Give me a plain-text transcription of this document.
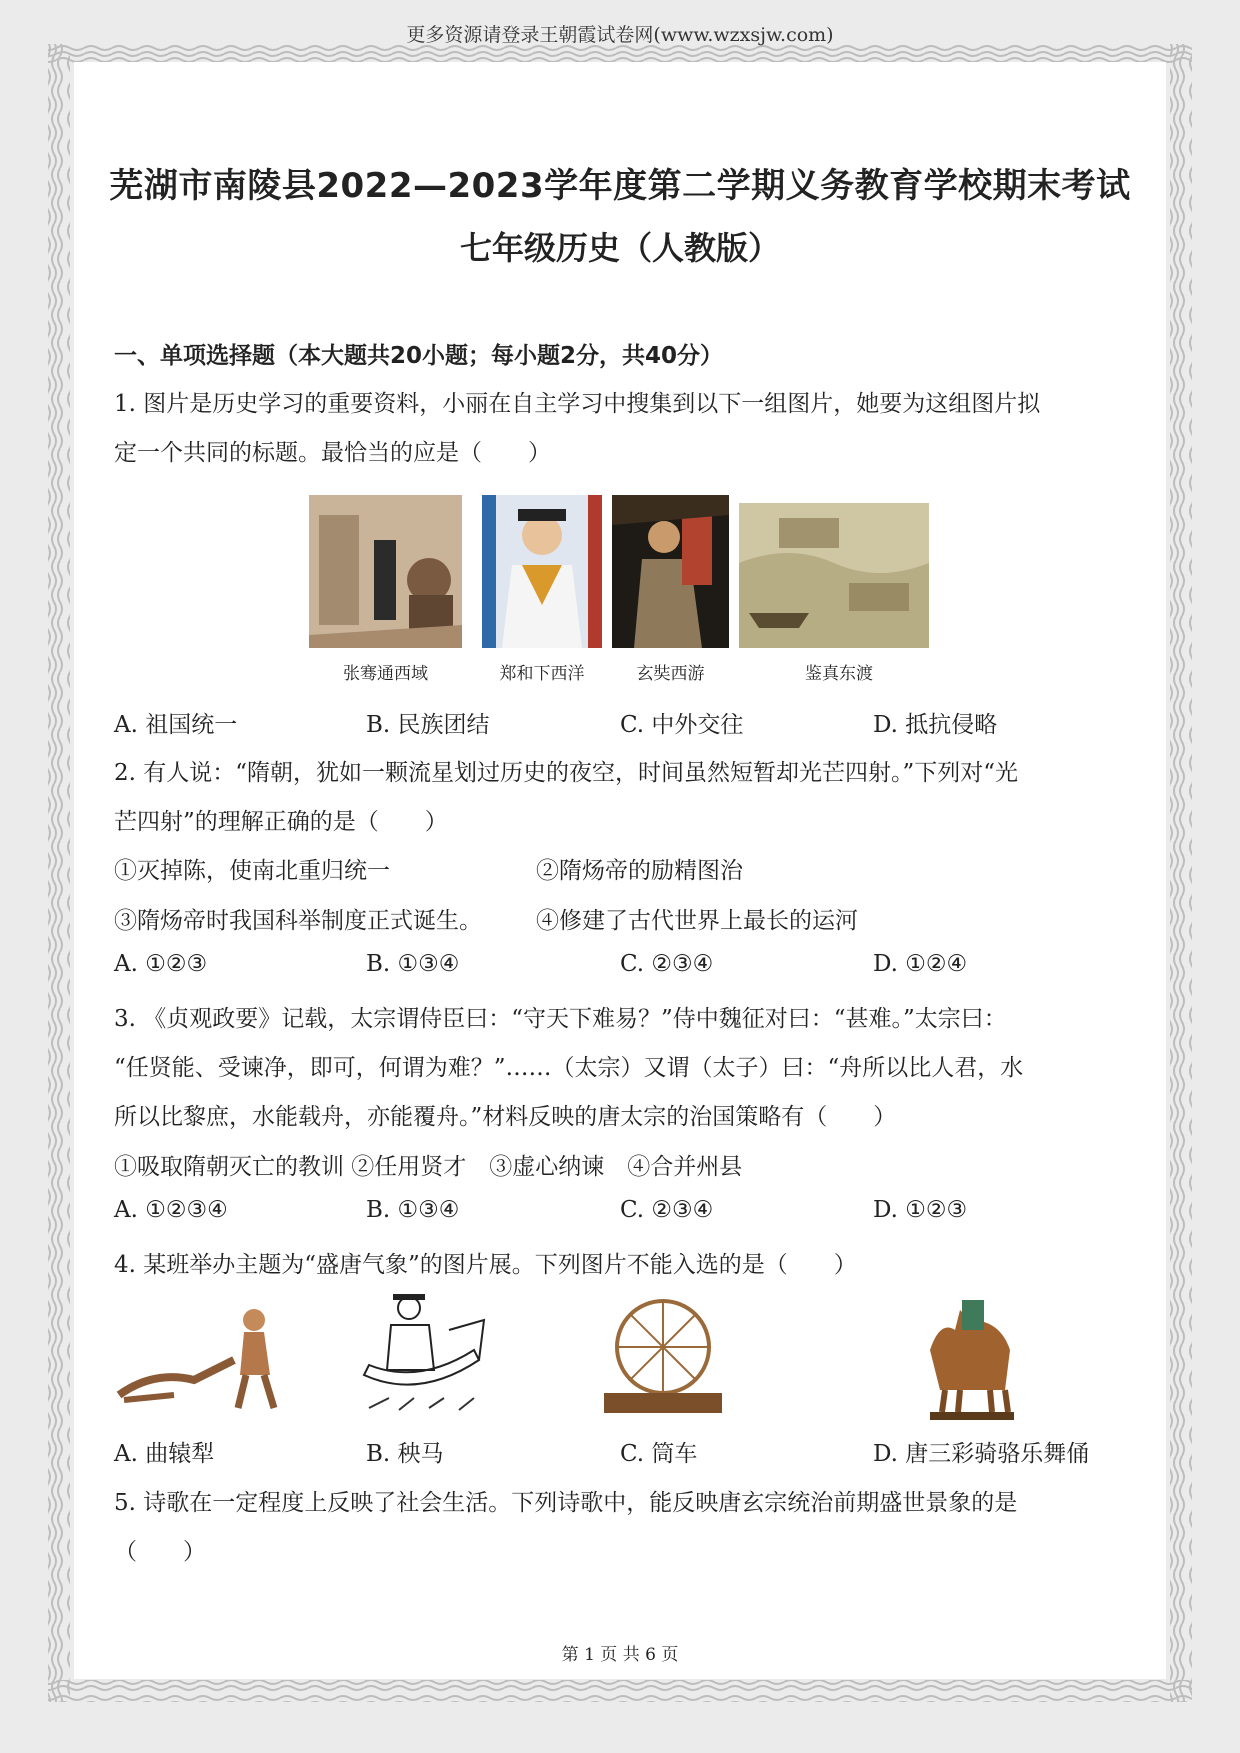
更多资源请登录王朝霞试卷网(www.wzxsjw.com)
芜湖市南陵县2022—2023学年度第二学期义务教育学校期末考试
七年级历史（人教版）
一、单项选择题（本大题共20小题；每小题2分，共40分）
1. 图片是历史学习的重要资料，小丽在自主学习中搜集到以下一组图片，她要为这组图片拟
定一个共同的标题。最恰当的应是（　　）
张骞通西域	郑和下西洋	玄奘西游	鉴真东渡
A. 祖国统一	B. 民族团结	C. 中外交往	D. 抵抗侵略
2. 有人说：“隋朝，犹如一颗流星划过历史的夜空，时间虽然短暂却光芒四射。”下列对“光
芒四射”的理解正确的是（　　）
①灭掉陈，使南北重归统一	②隋炀帝的励精图治
③隋炀帝时我国科举制度正式诞生。 ④修建了古代世界上最长的运河
A. ①②③	B. ①③④	C. ②③④	D. ①②④
3. 《贞观政要》记载，太宗谓侍臣曰：“守天下难易？”侍中魏征对曰：“甚难。”太宗曰：
“任贤能、受谏净，即可，何谓为难？”……（太宗）又谓（太子）曰：“舟所以比人君，水
所以比黎庶，水能载舟，亦能覆舟。”材料反映的唐太宗的治国策略有（　　）
①吸取隋朝灭亡的教训 ②任用贤才　③虚心纳谏　④合并州县
A. ①②③④	B. ①③④	C. ②③④	D. ①②③
4. 某班举办主题为“盛唐气象”的图片展。下列图片不能入选的是（　　）
A. 曲辕犁	B. 秧马	C. 筒车	D. 唐三彩骑骆乐舞俑
5. 诗歌在一定程度上反映了社会生活。下列诗歌中，能反映唐玄宗统治前期盛世景象的是
（　　）
第 1 页 共 6 页
